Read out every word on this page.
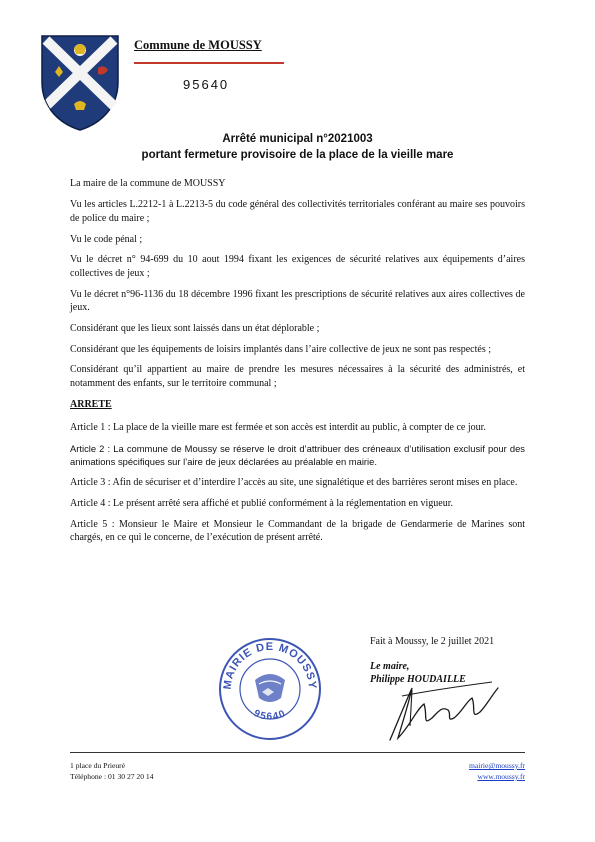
Commune de MOUSSY
95640
Arrêté municipal n°2021003
portant fermeture provisoire de la place de la vieille mare

La maire de la commune de MOUSSY

Vu les articles L.2212-1 à L.2213-5 du code général des collectivités territoriales conférant au maire ses pouvoirs de police du maire ;

Vu le code pénal ;

Vu le décret n° 94-699 du 10 aout 1994 fixant les exigences de sécurité relatives aux équipements d’aires collectives de jeux ;

Vu le décret n°96-1136 du 18 décembre 1996 fixant les prescriptions de sécurité relatives aux aires collectives de jeux.

Considérant que les lieux sont laissés dans un état déplorable ;

Considérant que les équipements de loisirs implantés dans l’aire collective de jeux ne sont pas respectés ;

Considérant qu’il appartient au maire de prendre les mesures nécessaires à la sécurité des administrés, et notamment des enfants, sur le territoire communal ;

ARRETE

Article 1 : La place de la vieille mare est fermée et son accès est interdit au public, à compter de ce jour.

Article 2 : La commune de Moussy se réserve le droit d’attribuer des créneaux d’utilisation exclusif pour des animations spécifiques sur l’aire de jeux déclarées au préalable en mairie.

Article 3 : Afin de sécuriser et d’interdire l’accès au site, une signalétique et des barrières seront mises en place.

Article 4 : Le présent arrêté sera affiché et publié conformément à la réglementation en vigueur.

Article 5 : Monsieur le Maire et Monsieur le Commandant de la brigade de Gendarmerie de Marines sont chargés, en ce qui le concerne, de l’exécution de présent arrêté.

Fait à Moussy, le 2 juillet 2021
Le maire,
Philippe HOUDAILLE
MAIRIE DE MOUSSY
95640
1 place du Prieuré
Téléphone : 01 30 27 20 14
mairie@moussy.fr
www.moussy.fr
